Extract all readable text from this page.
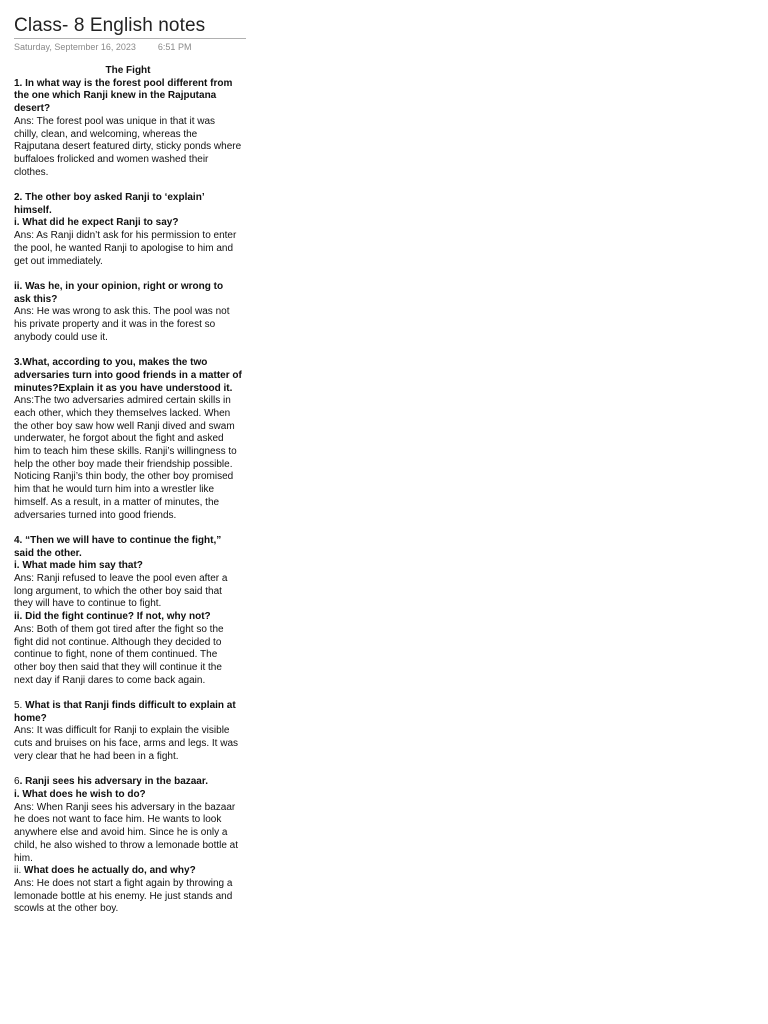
Class- 8 English notes
Saturday, September 16, 2023 6:51 PM

The Fight

1. In what way is the forest pool different from the one which Ranji knew in the Rajputana desert?

Ans: The forest pool was unique in that it was chilly, clean, and welcoming, whereas the Rajputana desert featured dirty, sticky ponds where buffaloes frolicked and women washed their clothes.

2. The other boy asked Ranji to ‘explain’ himself.

i. What did he expect Ranji to say?

Ans: As Ranji didn’t ask for his permission to enter the pool, he wanted Ranji to apologise to him and get out immediately.

ii. Was he, in your opinion, right or wrong to ask this?

Ans: He was wrong to ask this. The pool was not his private property and it was in the forest so anybody could use it.

3.What, according to you, makes the two adversaries turn into good friends in a matter of minutes?Explain it as you have understood it.

Ans:The two adversaries admired certain skills in each other, which they themselves lacked. When the other boy saw how well Ranji dived and swam underwater, he forgot about the fight and asked him to teach him these skills. Ranji’s willingness to help the other boy made their friendship possible. Noticing Ranji’s thin body, the other boy promised him that he would turn him into a wrestler like himself. As a result, in a matter of minutes, the adversaries turned into good friends.

4. “Then we will have to continue the fight,” said the other.

i. What made him say that?

Ans: Ranji refused to leave the pool even after a long argument, to which the other boy said that they will have to continue to fight.

ii. Did the fight continue? If not, why not?

Ans: Both of them got tired after the fight so the fight did not continue. Although they decided to continue to fight, none of them continued. The other boy then said that they will continue it the next day if Ranji dares to come back again.

5. What is that Ranji finds difficult to explain at home?

Ans: It was difficult for Ranji to explain the visible cuts and bruises on his face, arms and legs. It was very clear that he had been in a fight.

6. Ranji sees his adversary in the bazaar.

i. What does he wish to do?

Ans: When Ranji sees his adversary in the bazaar he does not want to face him. He wants to look anywhere else and avoid him. Since he is only a child, he also wished to throw a lemonade bottle at him.

ii. What does he actually do, and why?

Ans: He does not start a fight again by throwing a lemonade bottle at his enemy. He just stands and scowls at the other boy.
